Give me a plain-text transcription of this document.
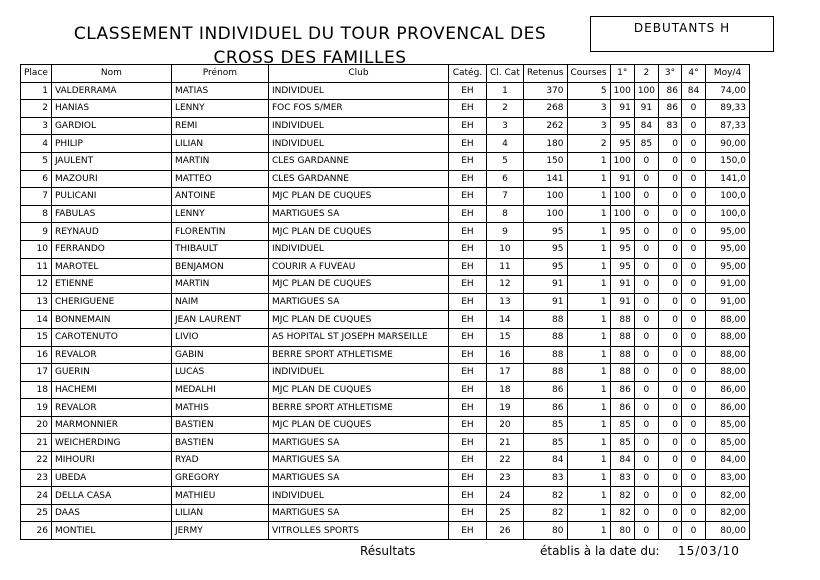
CLASSEMENT INDIVIDUEL DU TOUR PROVENCAL DES
CROSS DES FAMILLES
DEBUTANTS H
Place	Nom	Prénom	Club	Catég.	Cl. Cat	Retenus	Courses	1°	2	3°	4°	Moy/4
1	VALDERRAMA	MATIAS	INDIVIDUEL	EH	1	370	5	100	100	86	84	74,00
2	HANIAS	LENNY	FOC FOS S/MER	EH	2	268	3	91	91	86	0	89,33
3	GARDIOL	REMI	INDIVIDUEL	EH	3	262	3	95	84	83	0	87,33
4	PHILIP	LILIAN	INDIVIDUEL	EH	4	180	2	95	85	0	0	90,00
5	JAULENT	MARTIN	CLES GARDANNE	EH	5	150	1	100	0	0	0	150,0
6	MAZOURI	MATTEO	CLES GARDANNE	EH	6	141	1	91	0	0	0	141,0
7	PULICANI	ANTOINE	MJC PLAN DE CUQUES	EH	7	100	1	100	0	0	0	100,0
8	FABULAS	LENNY	MARTIGUES SA	EH	8	100	1	100	0	0	0	100,0
9	REYNAUD	FLORENTIN	MJC PLAN DE CUQUES	EH	9	95	1	95	0	0	0	95,00
10	FERRANDO	THIBAULT	INDIVIDUEL	EH	10	95	1	95	0	0	0	95,00
11	MAROTEL	BENJAMON	COURIR A FUVEAU	EH	11	95	1	95	0	0	0	95,00
12	ETIENNE	MARTIN	MJC PLAN DE CUQUES	EH	12	91	1	91	0	0	0	91,00
13	CHERIGUENE	NAIM	MARTIGUES SA	EH	13	91	1	91	0	0	0	91,00
14	BONNEMAIN	JEAN LAURENT	MJC PLAN DE CUQUES	EH	14	88	1	88	0	0	0	88,00
15	CAROTENUTO	LIVIO	AS HOPITAL ST JOSEPH MARSEILLE	EH	15	88	1	88	0	0	0	88,00
16	REVALOR	GABIN	BERRE SPORT ATHLETISME	EH	16	88	1	88	0	0	0	88,00
17	GUERIN	LUCAS	INDIVIDUEL	EH	17	88	1	88	0	0	0	88,00
18	HACHEMI	MEDALHI	MJC PLAN DE CUQUES	EH	18	86	1	86	0	0	0	86,00
19	REVALOR	MATHIS	BERRE SPORT ATHLETISME	EH	19	86	1	86	0	0	0	86,00
20	MARMONNIER	BASTIEN	MJC PLAN DE CUQUES	EH	20	85	1	85	0	0	0	85,00
21	WEICHERDING	BASTIEN	MARTIGUES SA	EH	21	85	1	85	0	0	0	85,00
22	MIHOURI	RYAD	MARTIGUES SA	EH	22	84	1	84	0	0	0	84,00
23	UBEDA	GREGORY	MARTIGUES SA	EH	23	83	1	83	0	0	0	83,00
24	DELLA CASA	MATHIEU	INDIVIDUEL	EH	24	82	1	82	0	0	0	82,00
25	DAAS	LILIAN	MARTIGUES SA	EH	25	82	1	82	0	0	0	82,00
26	MONTIEL	JERMY	VITROLLES SPORTS	EH	26	80	1	80	0	0	0	80,00
Résultats	établis à la date du: 15/03/10
